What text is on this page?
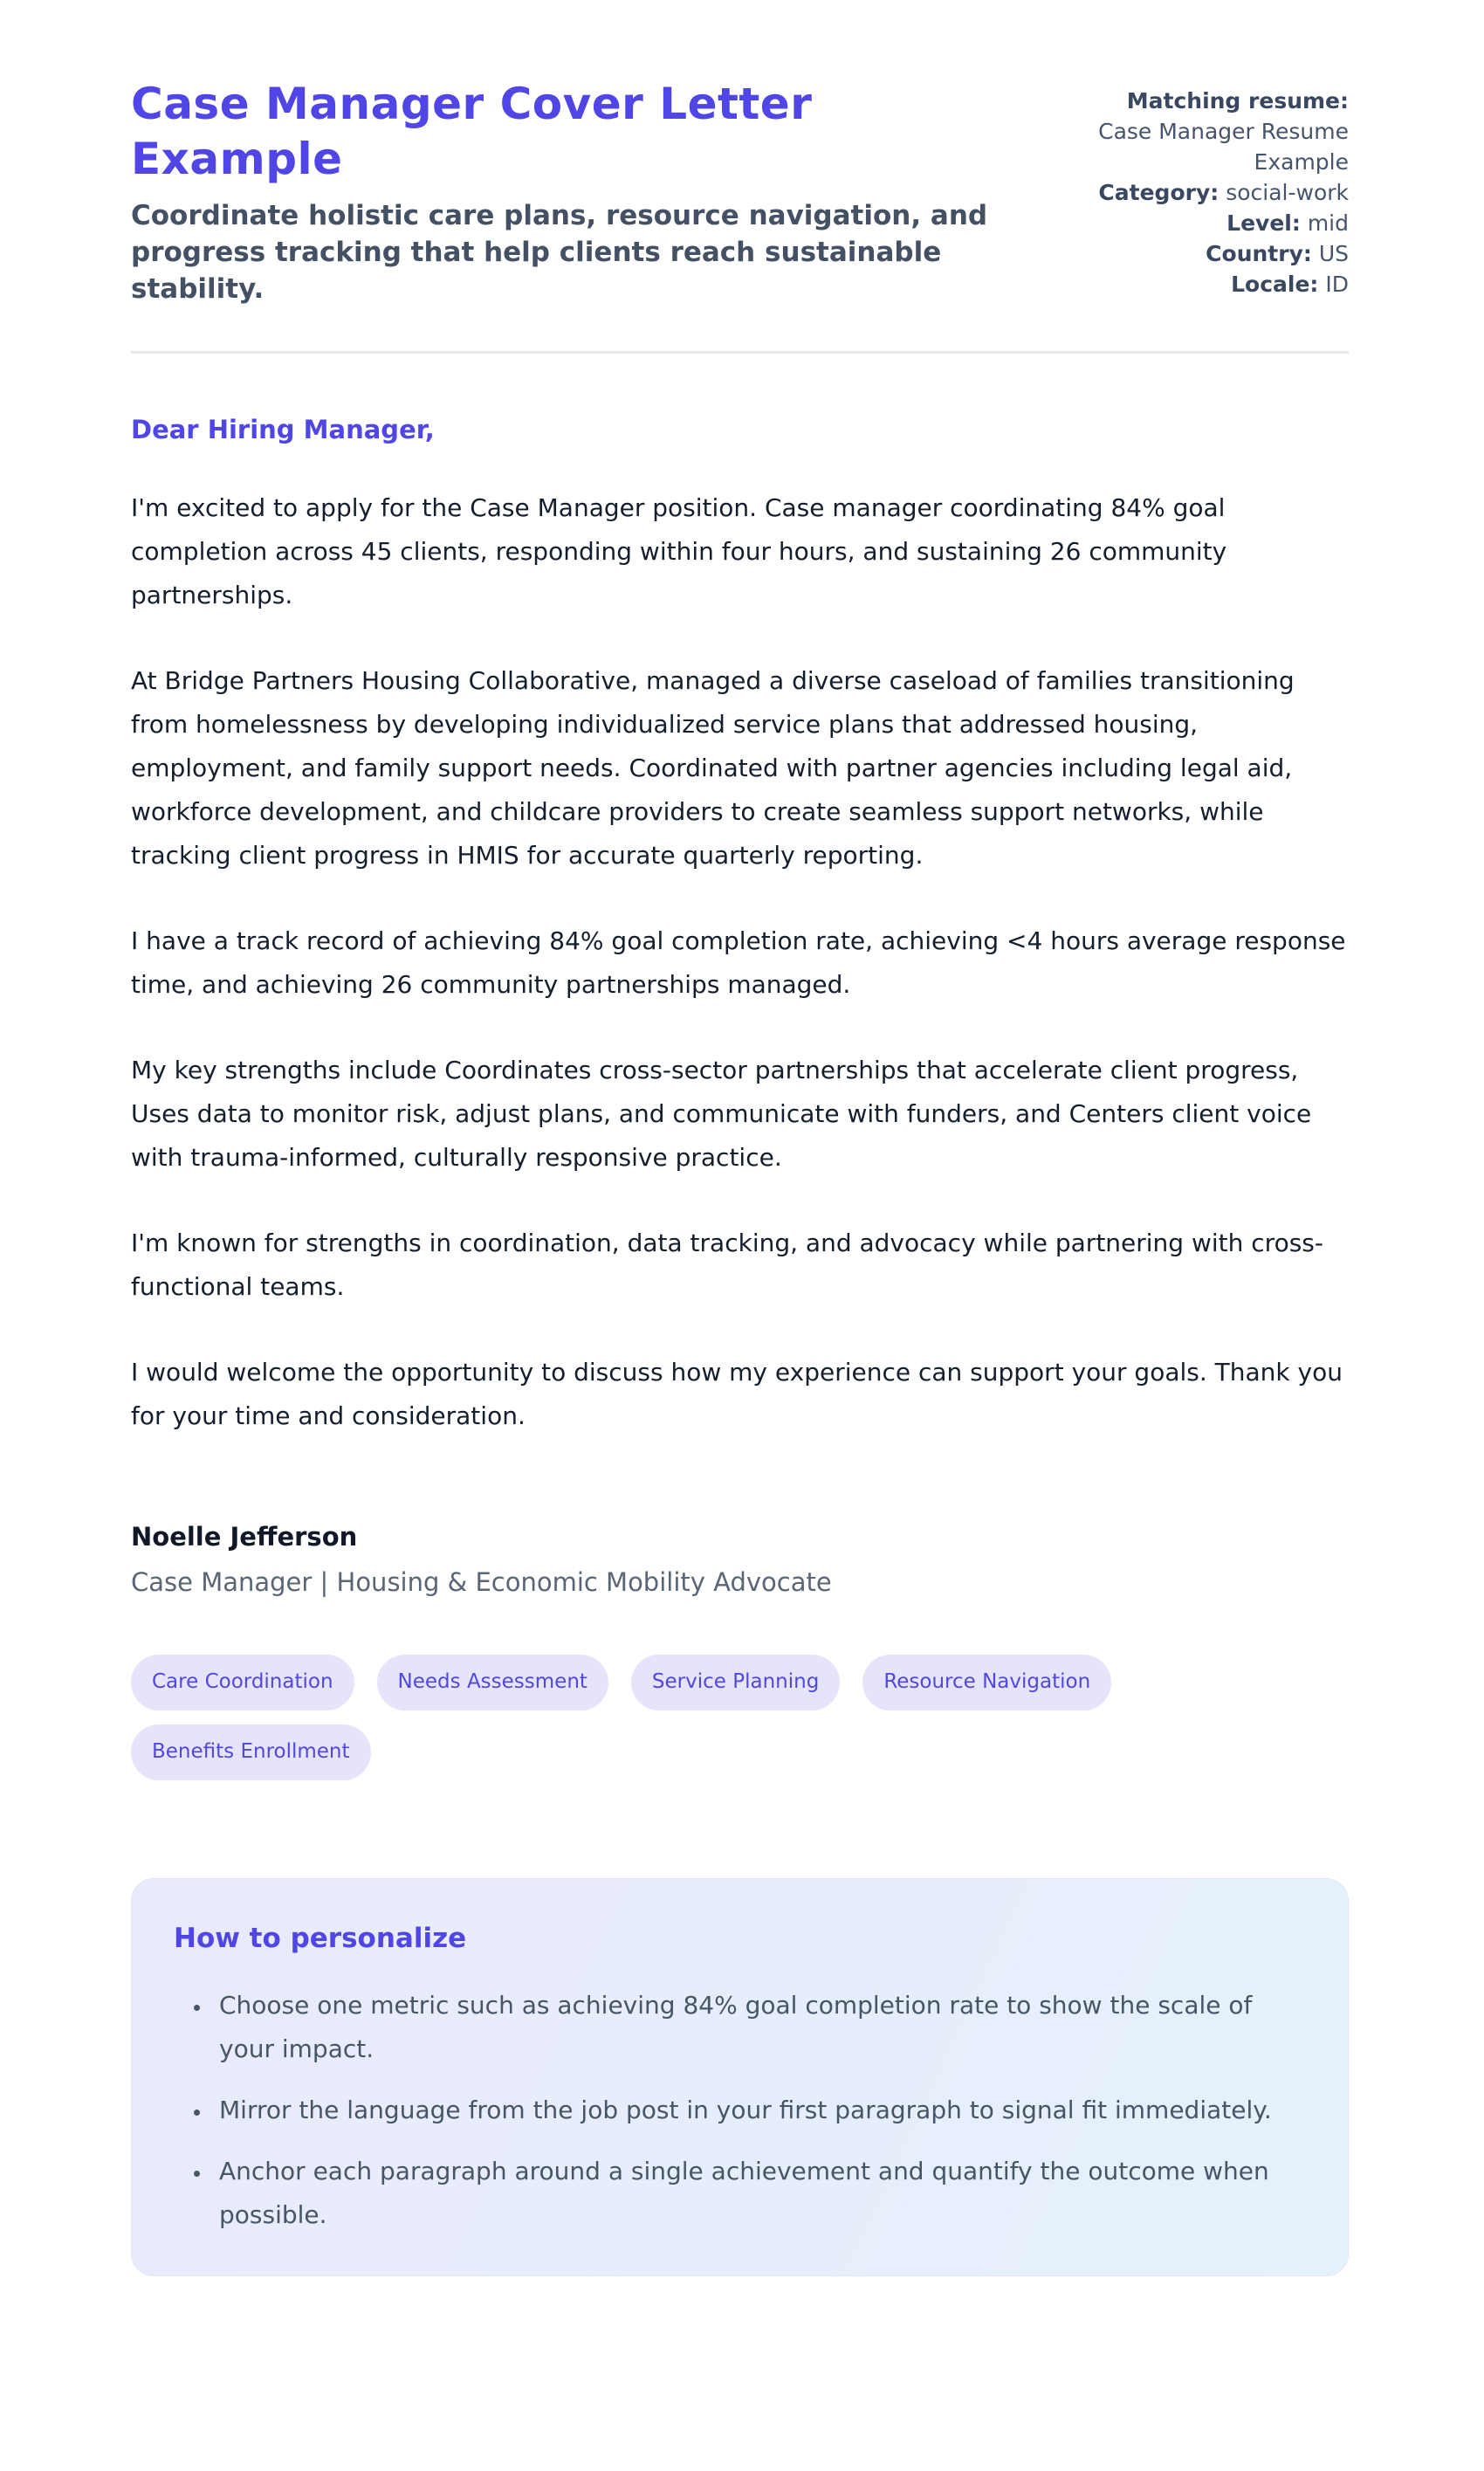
Case Manager Cover Letter Example

Coordinate holistic care plans, resource navigation, and progress tracking that help clients reach sustainable stability.

Matching resume:
Case Manager Resume Example
Category: social-work
Level: mid
Country: US
Locale: ID

Dear Hiring Manager,

I'm excited to apply for the Case Manager position. Case manager coordinating 84% goal completion across 45 clients, responding within four hours, and sustaining 26 community partnerships.

At Bridge Partners Housing Collaborative, managed a diverse caseload of families transitioning from homelessness by developing individualized service plans that addressed housing, employment, and family support needs. Coordinated with partner agencies including legal aid, workforce development, and childcare providers to create seamless support networks, while tracking client progress in HMIS for accurate quarterly reporting.

I have a track record of achieving 84% goal completion rate, achieving <4 hours average response time, and achieving 26 community partnerships managed.

My key strengths include Coordinates cross-sector partnerships that accelerate client progress, Uses data to monitor risk, adjust plans, and communicate with funders, and Centers client voice with trauma-informed, culturally responsive practice.

I'm known for strengths in coordination, data tracking, and advocacy while partnering with cross-functional teams.

I would welcome the opportunity to discuss how my experience can support your goals. Thank you for your time and consideration.

Noelle Jefferson

Case Manager | Housing & Economic Mobility Advocate

Care Coordination	Needs Assessment	Service Planning	Resource Navigation
Benefits Enrollment
How to personalize
• Choose one metric such as achieving 84% goal completion rate to show the scale of your impact.
• Mirror the language from the job post in your first paragraph to signal fit immediately.
• Anchor each paragraph around a single achievement and quantify the outcome when possible.
